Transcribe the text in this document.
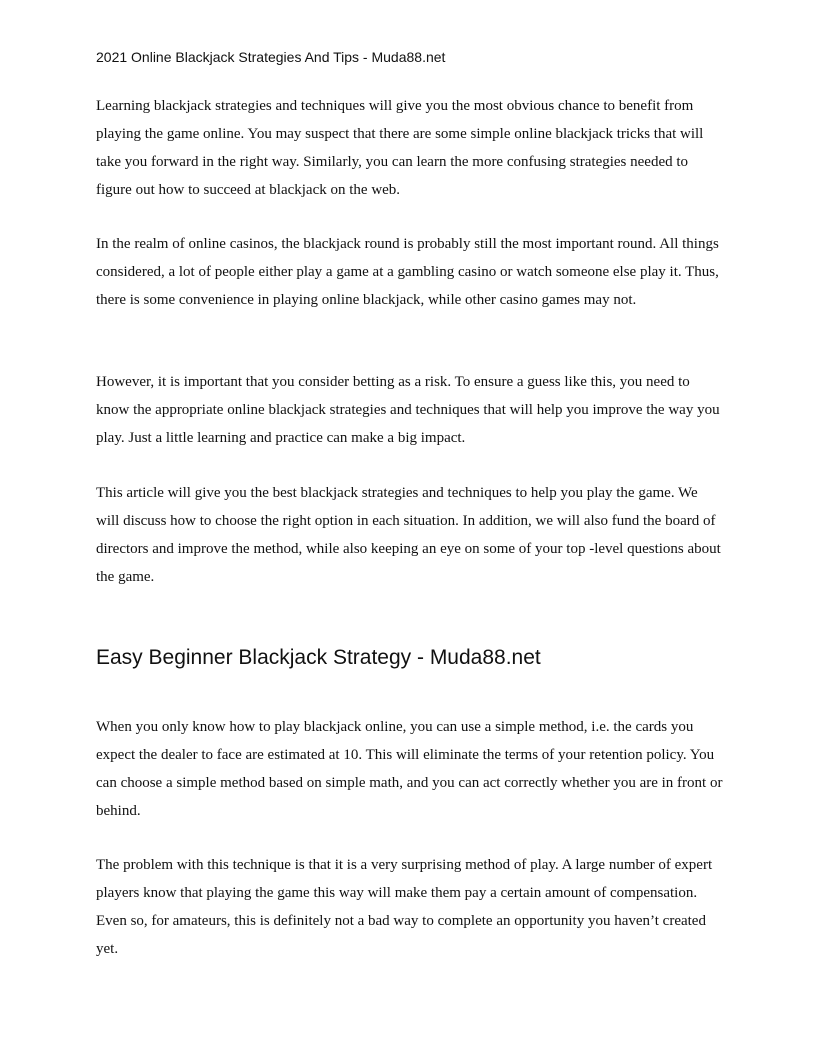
2021 Online Blackjack Strategies And Tips - Muda88.net

Learning blackjack strategies and techniques will give you the most obvious chance to benefit from playing the game online. You may suspect that there are some simple online blackjack tricks that will take you forward in the right way. Similarly, you can learn the more confusing strategies needed to figure out how to succeed at blackjack on the web.

In the realm of online casinos, the blackjack round is probably still the most important round. All things considered, a lot of people either play a game at a gambling casino or watch someone else play it. Thus, there is some convenience in playing online blackjack, while other casino games may not.

However, it is important that you consider betting as a risk. To ensure a guess like this, you need to know the appropriate online blackjack strategies and techniques that will help you improve the way you play. Just a little learning and practice can make a big impact.

This article will give you the best blackjack strategies and techniques to help you play the game. We will discuss how to choose the right option in each situation. In addition, we will also fund the board of directors and improve the method, while also keeping an eye on some of your top -level questions about the game.

Easy Beginner Blackjack Strategy - Muda88.net

When you only know how to play blackjack online, you can use a simple method, i.e. the cards you expect the dealer to face are estimated at 10. This will eliminate the terms of your retention policy. You can choose a simple method based on simple math, and you can act correctly whether you are in front or behind.

The problem with this technique is that it is a very surprising method of play. A large number of expert players know that playing the game this way will make them pay a certain amount of compensation. Even so, for amateurs, this is definitely not a bad way to complete an opportunity you haven’t created yet.
